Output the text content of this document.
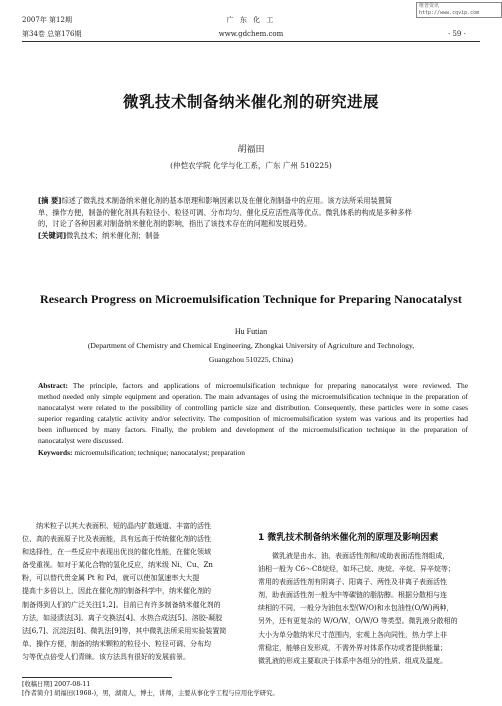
维普资讯 http://www.cqvip.com
2007年 第12期
第34卷 总第176期
广 东 化 工
www.gdchem.com	· 59 ·
微乳技术制备纳米催化剂的研究进展
胡福田
(仲恺农学院 化学与化工系，广东 广州 510225)
[摘 要]综述了微乳技术制备纳米催化剂的基本原理和影响因素以及在催化剂制备中的应用。该方法所采用装置简
单、操作方便，制备的催化剂具有粒径小、粒径可调、分布均匀、催化反应活性高等优点。微乳体系的构成是多种多样
的，讨论了各种因素对制备纳米催化剂的影响，指出了该技术存在的问题和发展趋势。
[关键词]微乳技术；纳米催化剂；制备
Research Progress on Microemulsification Technique for Preparing Nanocatalyst
Hu Futian
(Department of Chemistry and Chemical Engineering, Zhongkai University of Agriculture and Technology,
Guangzhou 510225, China)
Abstract: The principle, factors and applications of microemulsification technique for preparing nanocatalyst were reviewed. The
method needed only simple equipment and operation. The main advantages of using the microemulsification technique in the preparation of
nanocatalyst were related to the possibility of controlling particle size and distribution. Consequently, these particles were in some cases
superior regarding catalytic activity and/or selectivity. The composition of microemulsification system was various and its properties had
been influenced by many factors. Finally, the problem and development of the microemulsification technique in the preparation of
nanocatalyst were discussed.
Keywords: microemulsification; technique; nanocatalyst; preparation
纳米粒子以其大表面积、短的晶内扩散通道、丰富的活性
位、高的表面原子比及表面能，具有远高于传统催化剂的活性
和选择性，在一些反应中表现出优良的催化性能，在催化领域
备受重视。如对于某化合物的氢化反应，纳米级 Ni、Cu、Zn
粉，可以替代贵金属 Pt 和 Pd，就可以使加氢速率大大提
提高十多倍以上，因此在催化剂的制备科学中，纳米催化剂的
制备得到人们的广泛关注[1,2]。目前已有许多制备纳米催化剂的
方法，如浸渍法[3]、离子交换法[4]、水热合成法[5]、溶胶-凝胶
法[6,7]、沉淀法[8]、微乳法[9]等，其中微乳法所采用实验装置简
单、操作方便，制备的纳米颗粒的粒径小、粒径可调、分布均
匀等优点倍受人们青睐。该方法具有很好的发展前景。
1 微乳技术制备纳米催化剂的原理及影响因素
微乳液是由水、油、表面活性剂和/或助表面活性剂组成，
油相一般为 C6～C8烷烃，如环己烷、庚烷、辛烷、异辛烷等；
常用的表面活性剂有阴离子、阳离子、两性及非离子表面活性
剂，助表面活性剂一般为中等碳链的脂肪醇。根据分散相与连
续相的不同，一般分为油包水型(W/O)和水包油性(O/W)两种，
另外，还有更复杂的 W/O/W，O/W/O 等类型。微乳液分散相的
大小为单分散纳米尺寸范围内，宏观上各向同性，热力学上非
常稳定，能够自发形成，不需外界对体系作功或者提供能量；
微乳液的形成主要取决于体系中各组分的性质、组成及温度。
[收稿日期] 2007-08-11
[作者简介] 胡福田(1968-)，男，湖南人，博士，讲师，主要从事化学工程与应用化学研究。
